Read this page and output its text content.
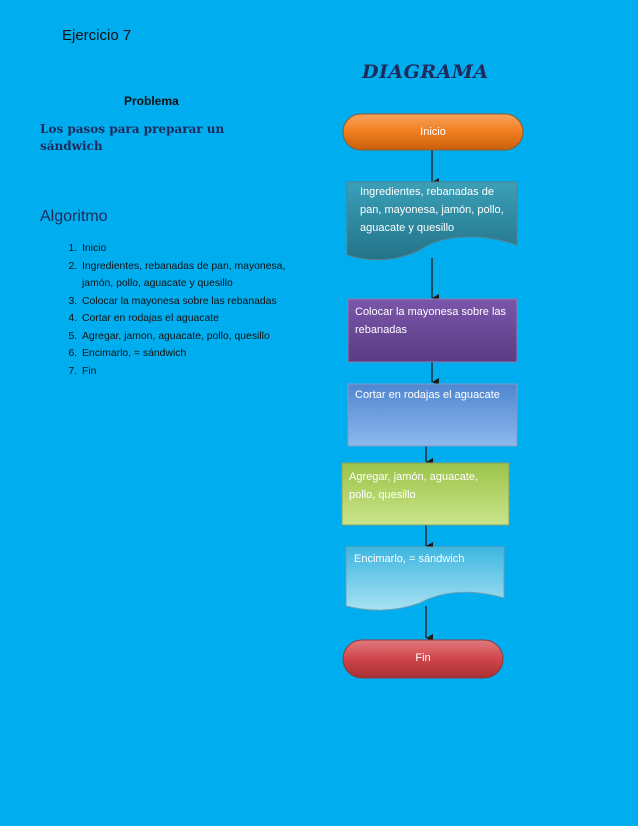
Ejercicio 7
DIAGRAMA
Problema
Los pasos para preparar un sándwich
Algoritmo
1. Inicio
2. Ingredientes, rebanadas de pan, mayonesa, jamón, pollo, aguacate y quesillo
3. Colocar la mayonesa sobre las rebanadas
4. Cortar en rodajas el aguacate
5. Agregar, jamon, aguacate, pollo, quesillo
6. Encimarlo, = sándwich
7. Fin
Inicio
Ingredientes, rebanadas de pan, mayonesa, jamón, pollo, aguacate y quesillo
Colocar la mayonesa sobre las rebanadas
Cortar en rodajas el aguacate
Agregar, jamón, aguacate, pollo, quesillo
Encimarlo, = sándwich
Fin
